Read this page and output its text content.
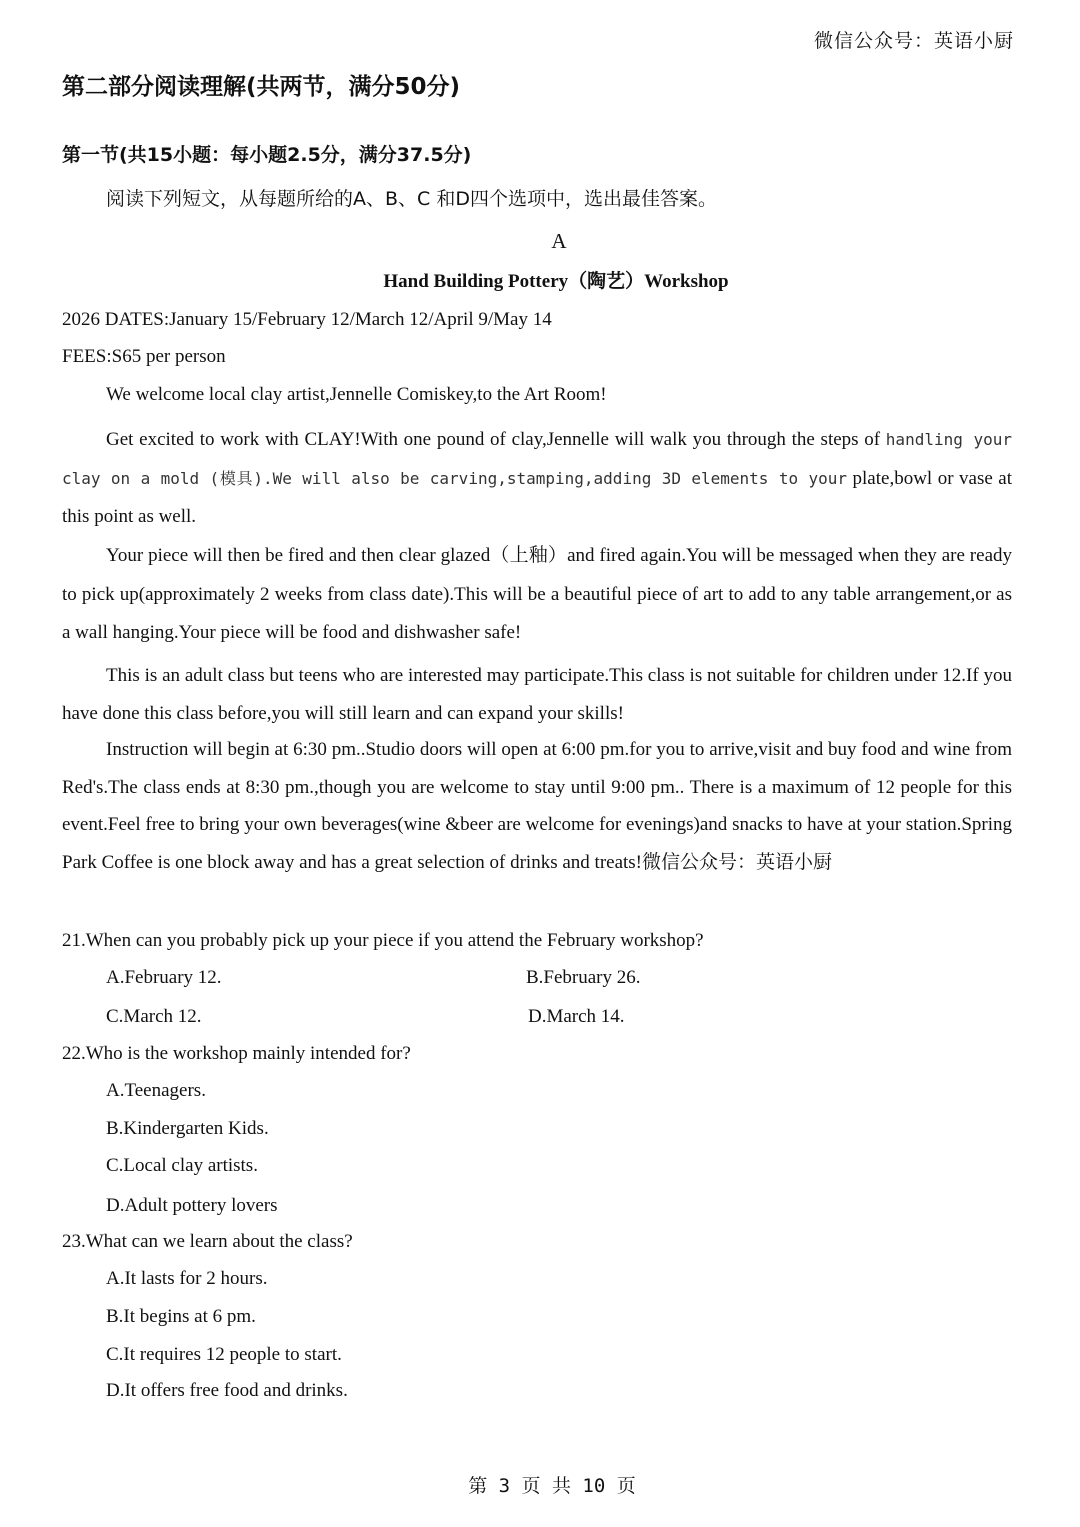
微信公众号：英语小厨
第二部分阅读理解(共两节，满分50分)
第一节(共15小题：每小题2.5分，满分37.5分)
阅读下列短文，从每题所给的A、B、C 和D四个选项中，选出最佳答案。
A
Hand Building Pottery（陶艺）Workshop
2026 DATES:January 15/February 12/March 12/April 9/May 14
FEES:S65 per person
We welcome local clay artist,Jennelle Comiskey,to the Art Room!
Get excited to work with CLAY!With one pound of clay,Jennelle will walk you through the steps of handling your clay on a mold (模具).We will also be carving,stamping,adding 3D elements to your plate,bowl or vase at this point as well.
Your piece will then be fired and then clear glazed（上釉）and fired again.You will be messaged when they are ready to pick up(approximately 2 weeks from class date).This will be a beautiful piece of art to add to any table arrangement,or as a wall hanging.Your piece will be food and dishwasher safe!
This is an adult class but teens who are interested may participate.This class is not suitable for children under 12.If you have done this class before,you will still learn and can expand your skills!
Instruction will begin at 6:30 pm..Studio doors will open at 6:00 pm.for you to arrive,visit and buy food and wine from Red's.The class ends at 8:30 pm.,though you are welcome to stay until 9:00 pm.. There is a maximum of 12 people for this event.Feel free to bring your own beverages(wine &beer are welcome for evenings)and snacks to have at your station.Spring Park Coffee is one block away and has a great selection of drinks and treats!微信公众号：英语小厨
21.When can you probably pick up your piece if you attend the February workshop?
A.February 12.	B.February 26.
C.March 12.	D.March 14.
22.Who is the workshop mainly intended for?
A.Teenagers.
B.Kindergarten Kids.
C.Local clay artists.
D.Adult pottery lovers
23.What can we learn about the class?
A.It lasts for 2 hours.
B.It begins at 6 pm.
C.It requires 12 people to start.
D.It offers free food and drinks.
第 3 页 共 10 页
